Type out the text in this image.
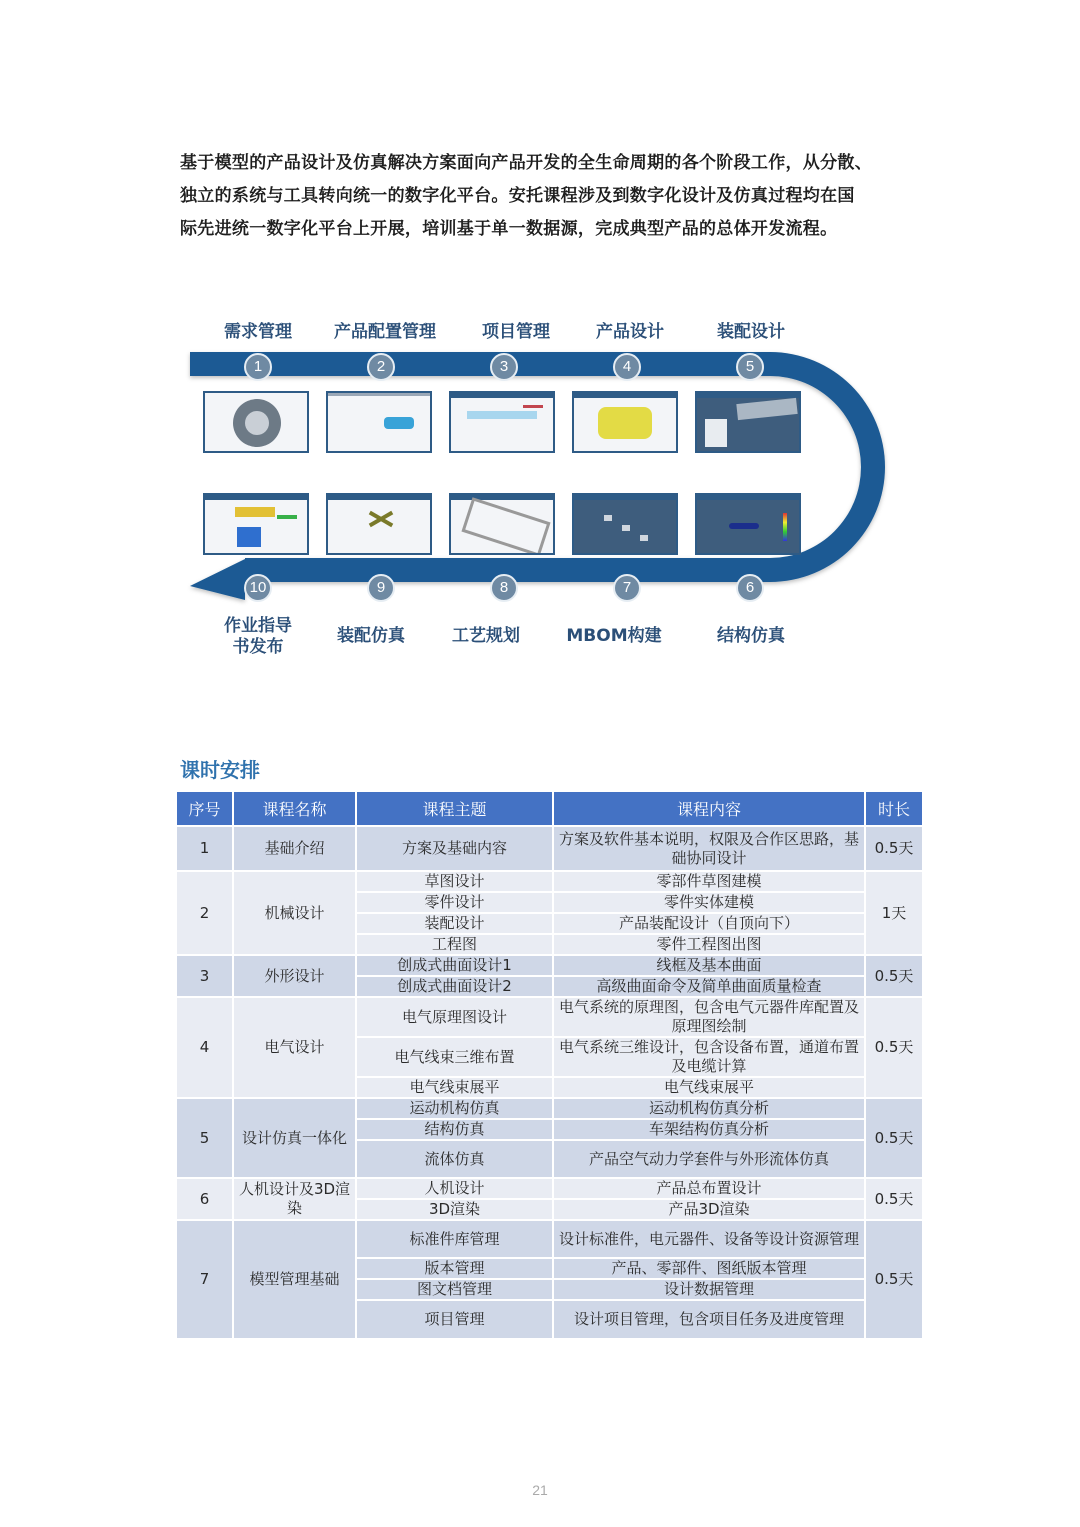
基于模型的产品设计及仿真解决方案面向产品开发的全生命周期的各个阶段工作，从分散、

独立的系统与工具转向统一的数字化平台。安托课程涉及到数字化设计及仿真过程均在国

际先进统一数字化平台上开展，培训基于单一数据源，完成典型产品的总体开发流程。

需求管理	产品配置管理	项目管理	产品设计	装配设计
1	2	3	4	5
10	9	8	7	6
作业指导
书发布
装配仿真	工艺规划	MBOM构建	结构仿真
课时安排
序号	课程名称	课程主题	课程内容	时长
1	基础介绍	方案及基础内容	方案及软件基本说明，权限及合作区思路，基础协同设计	0.5天
2	机械设计	草图设计	零部件草图建模	1天
		零件设计	零件实体建模	
		装配设计	产品装配设计（自顶向下）	
		工程图	零件工程图出图	
3	外形设计	创成式曲面设计1	线框及基本曲面	0.5天
		创成式曲面设计2	高级曲面命令及简单曲面质量检查	
4	电气设计	电气原理图设计	电气系统的原理图，包含电气元器件库配置及原理图绘制	0.5天
		电气线束三维布置	电气系统三维设计，包含设备布置，通道布置及电缆计算	
		电气线束展平	电气线束展平	
5	设计仿真一体化	运动机构仿真	运动机构仿真分析	0.5天
		结构仿真	车架结构仿真分析	
		流体仿真	产品空气动力学套件与外形流体仿真	
6	人机设计及3D渲染	人机设计	产品总布置设计	0.5天
		3D渲染	产品3D渲染	
7	模型管理基础	标准件库管理	设计标准件，电元器件、设备等设计资源管理	0.5天
		版本管理	产品、零部件、图纸版本管理	
		图文档管理	设计数据管理	
		项目管理	设计项目管理，包含项目任务及进度管理	
21
